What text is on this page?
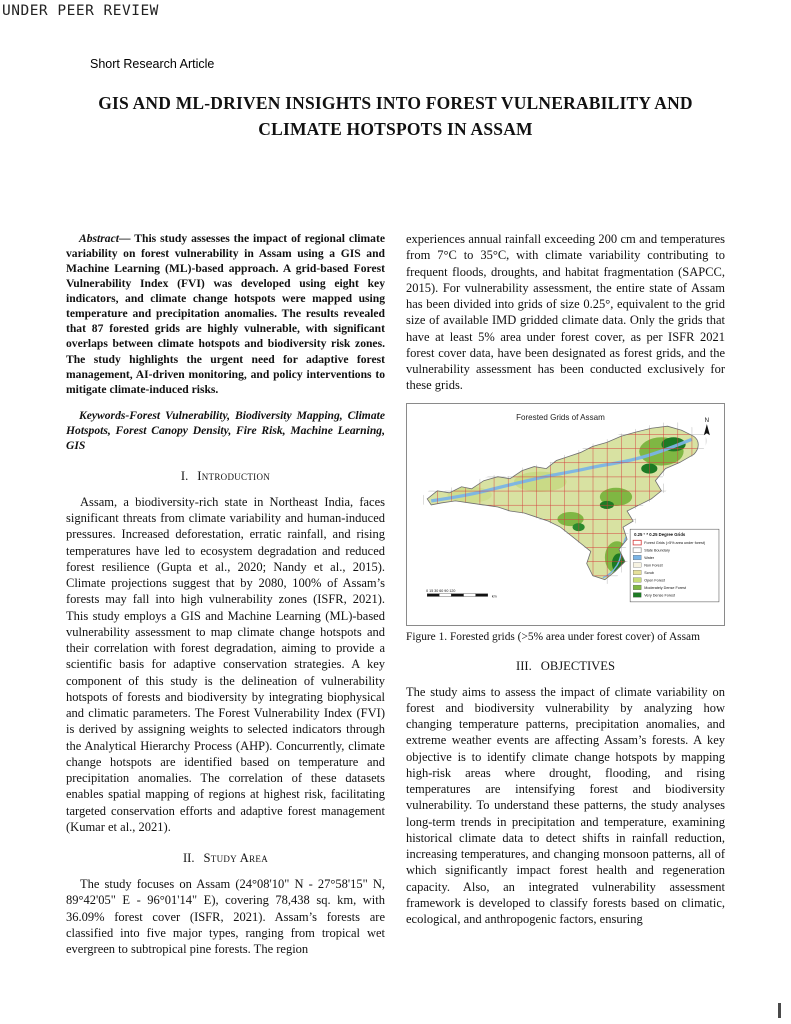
UNDER PEER REVIEW
Short Research Article
GIS AND ML-DRIVEN INSIGHTS INTO FOREST VULNERABILITY AND CLIMATE HOTSPOTS IN ASSAM

Abstract— This study assesses the impact of regional climate variability on forest vulnerability in Assam using a GIS and Machine Learning (ML)-based approach. A grid-based Forest Vulnerability Index (FVI) was developed using eight key indicators, and climate change hotspots were mapped using temperature and precipitation anomalies. The results revealed that 87 forested grids are highly vulnerable, with significant overlaps between climate hotspots and biodiversity risk zones. The study highlights the urgent need for adaptive forest management, AI-driven monitoring, and policy interventions to mitigate climate-induced risks.

Keywords-Forest Vulnerability, Biodiversity Mapping, Climate Hotspots, Forest Canopy Density, Fire Risk, Machine Learning, GIS

I. Introduction

Assam, a biodiversity-rich state in Northeast India, faces significant threats from climate variability and human-induced pressures. Increased deforestation, erratic rainfall, and rising temperatures have led to ecosystem degradation and reduced forest resilience (Gupta et al., 2020; Nandy et al., 2015). Climate projections suggest that by 2080, 100% of Assam’s forests may fall into high vulnerability zones (ISFR, 2021). This study employs a GIS and Machine Learning (ML)-based vulnerability assessment to map climate change hotspots and their correlation with forest degradation, aiming to provide a scientific basis for adaptive conservation strategies. A key component of this study is the delineation of vulnerability hotspots of forests and biodiversity by integrating biophysical and climatic parameters. The Forest Vulnerability Index (FVI) is derived by assigning weights to selected indicators through the Analytical Hierarchy Process (AHP). Concurrently, climate change hotspots are identified based on temperature and precipitation anomalies. The correlation of these datasets enables spatial mapping of regions at highest risk, facilitating targeted conservation efforts and adaptive forest management (Kumar et al., 2021).

II. Study Area

The study focuses on Assam (24°08'10" N - 27°58'15" N, 89°42'05" E - 96°01'14" E), covering 78,438 sq. km, with 36.09% forest cover (ISFR, 2021). Assam’s forests are classified into five major types, ranging from tropical wet evergreen to subtropical pine forests. The region

experiences annual rainfall exceeding 200 cm and temperatures from 7°C to 35°C, with climate variability contributing to frequent floods, droughts, and habitat fragmentation (SAPCC, 2015). For vulnerability assessment, the entire state of Assam has been divided into grids of size 0.25°, equivalent to the grid size of available IMD gridded climate data. Only the grids that have at least 5% area under forest cover, as per ISFR 2021 forest cover data, have been designated as forest grids, and the vulnerability assessment has been conducted exclusively for these grids.

Forested Grids of Assam	N
0.25 ° * 0.25 Degree Grids
Forest Grids (>5% area under forest)
State Boundary
Water
Non Forest
Scrub
Open Forest
Moderately Dense Forest
Very Dense Forest
0 15 30 60 90 120
km
Figure 1. Forested grids (>5% area under forest cover) of Assam
III. OBJECTIVES

The study aims to assess the impact of climate variability on forest and biodiversity vulnerability by analyzing how changing temperature patterns, precipitation anomalies, and extreme weather events are affecting Assam’s forests. A key objective is to identify climate change hotspots by mapping high-risk areas where drought, flooding, and rising temperatures are intensifying forest and biodiversity vulnerability. To understand these patterns, the study analyses long-term trends in precipitation and temperature, examining historical climate data to detect shifts in rainfall reduction, increasing temperatures, and changing monsoon patterns, all of which significantly impact forest health and regeneration capacity. Also, an integrated vulnerability assessment framework is developed to classify forests based on climatic, ecological, and anthropogenic factors, ensuring
